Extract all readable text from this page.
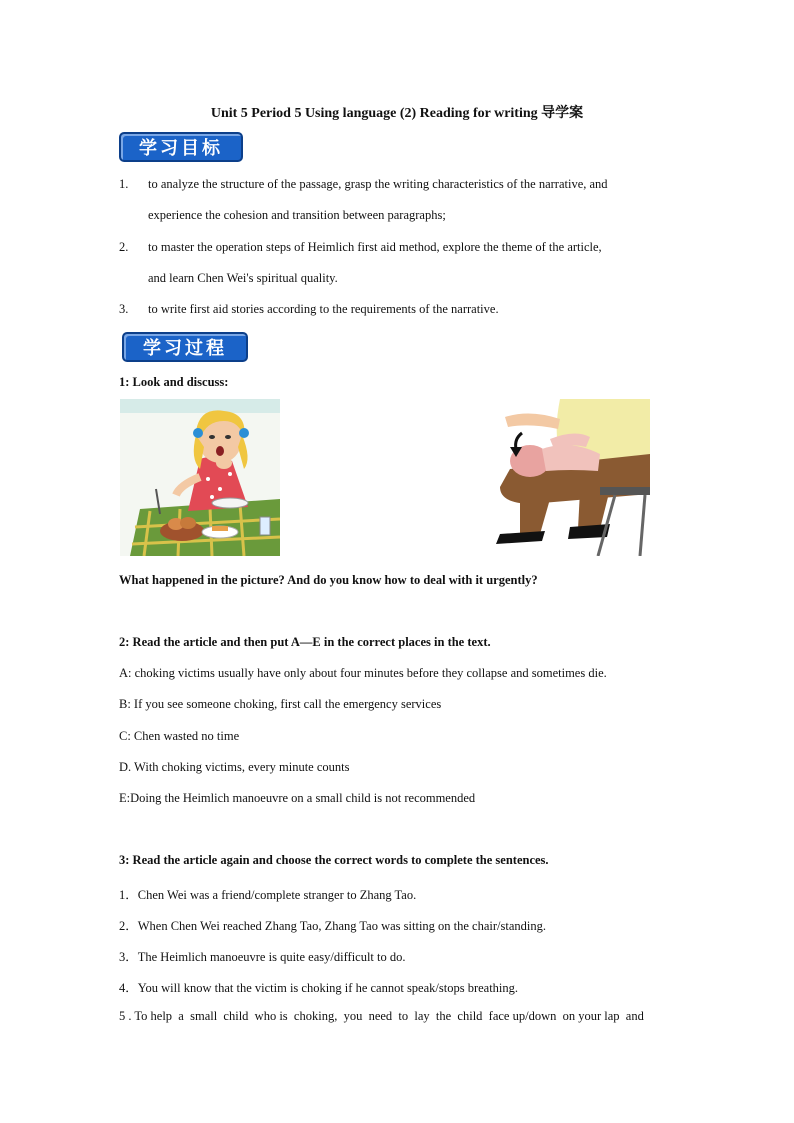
Unit 5 Period 5 Using language (2) Reading for writing 导学案
学习目标
1. to analyze the structure of the passage, grasp the writing characteristics of the narrative, and
experience the cohesion and transition between paragraphs;
2. to master the operation steps of Heimlich first aid method, explore the theme of the article,
and learn Chen Wei's spiritual quality.
3. to write first aid stories according to the requirements of the narrative.
学习过程
1: Look and discuss:
What happened in the picture? And do you know how to deal with it urgently?
2: Read the article and then put A—E in the correct places in the text.
A: choking victims usually have only about four minutes before they collapse and sometimes die.
B: If you see someone choking, first call the emergency services
C: Chen wasted no time
D. With choking victims, every minute counts
E:Doing the Heimlich manoeuvre on a small child is not recommended
3: Read the article again and choose the correct words to complete the sentences.
1．Chen Wei was a friend/complete stranger to Zhang Tao.
2．When Chen Wei reached Zhang Tao, Zhang Tao was sitting on the chair/standing.
3．The Heimlich manoeuvre is quite easy/difficult to do.
4．You will know that the victim is choking if he cannot speak/stops breathing.
5 . To help  a  small  child  who is  choking,  you  need  to  lay  the  child  face up/down  on your lap  and
